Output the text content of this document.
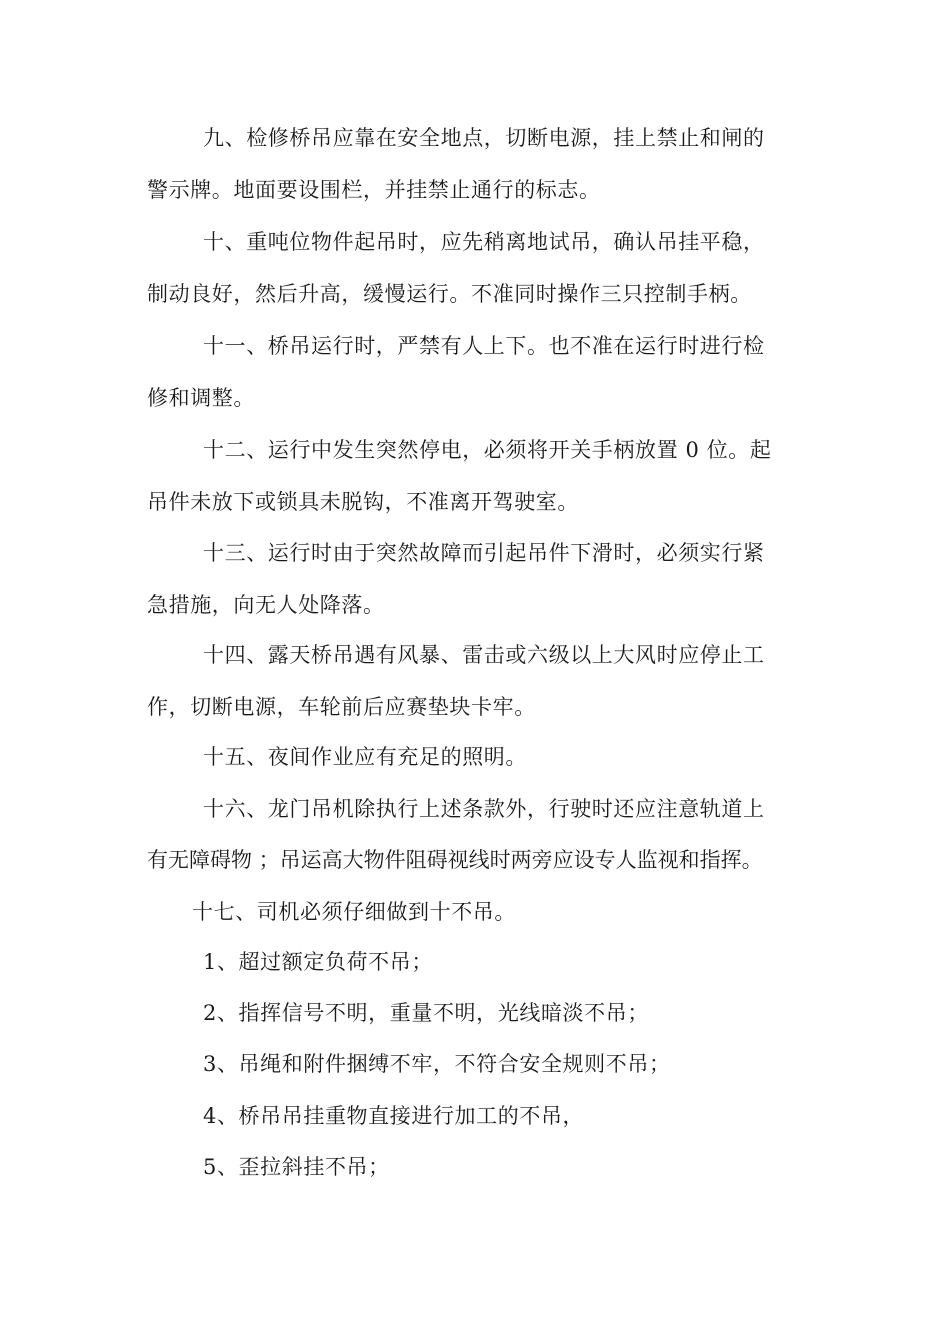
九、检修桥吊应靠在安全地点，切断电源，挂上禁止和闸的
警示牌。地面要设围栏，并挂禁止通行的标志。
十、重吨位物件起吊时，应先稍离地试吊，确认吊挂平稳，
制动良好，然后升高，缓慢运行。不准同时操作三只控制手柄。
十一、桥吊运行时，严禁有人上下。也不准在运行时进行检
修和调整。
十二、运行中发生突然停电，必须将开关手柄放置 0 位。起
吊件未放下或锁具未脱钩，不准离开驾驶室。
十三、运行时由于突然故障而引起吊件下滑时，必须实行紧
急措施，向无人处降落。
十四、露天桥吊遇有风暴、雷击或六级以上大风时应停止工
作，切断电源，车轮前后应赛垫块卡牢。
十五、夜间作业应有充足的照明。
十六、龙门吊机除执行上述条款外，行驶时还应注意轨道上
有无障碍物 ；吊运高大物件阻碍视线时两旁应设专人监视和指挥。
十七、司机必须仔细做到十不吊。
1、超过额定负荷不吊；
2、指挥信号不明，重量不明，光线暗淡不吊；
3、吊绳和附件捆缚不牢，不符合安全规则不吊；
4、桥吊吊挂重物直接进行加工的不吊，
5、歪拉斜挂不吊；
